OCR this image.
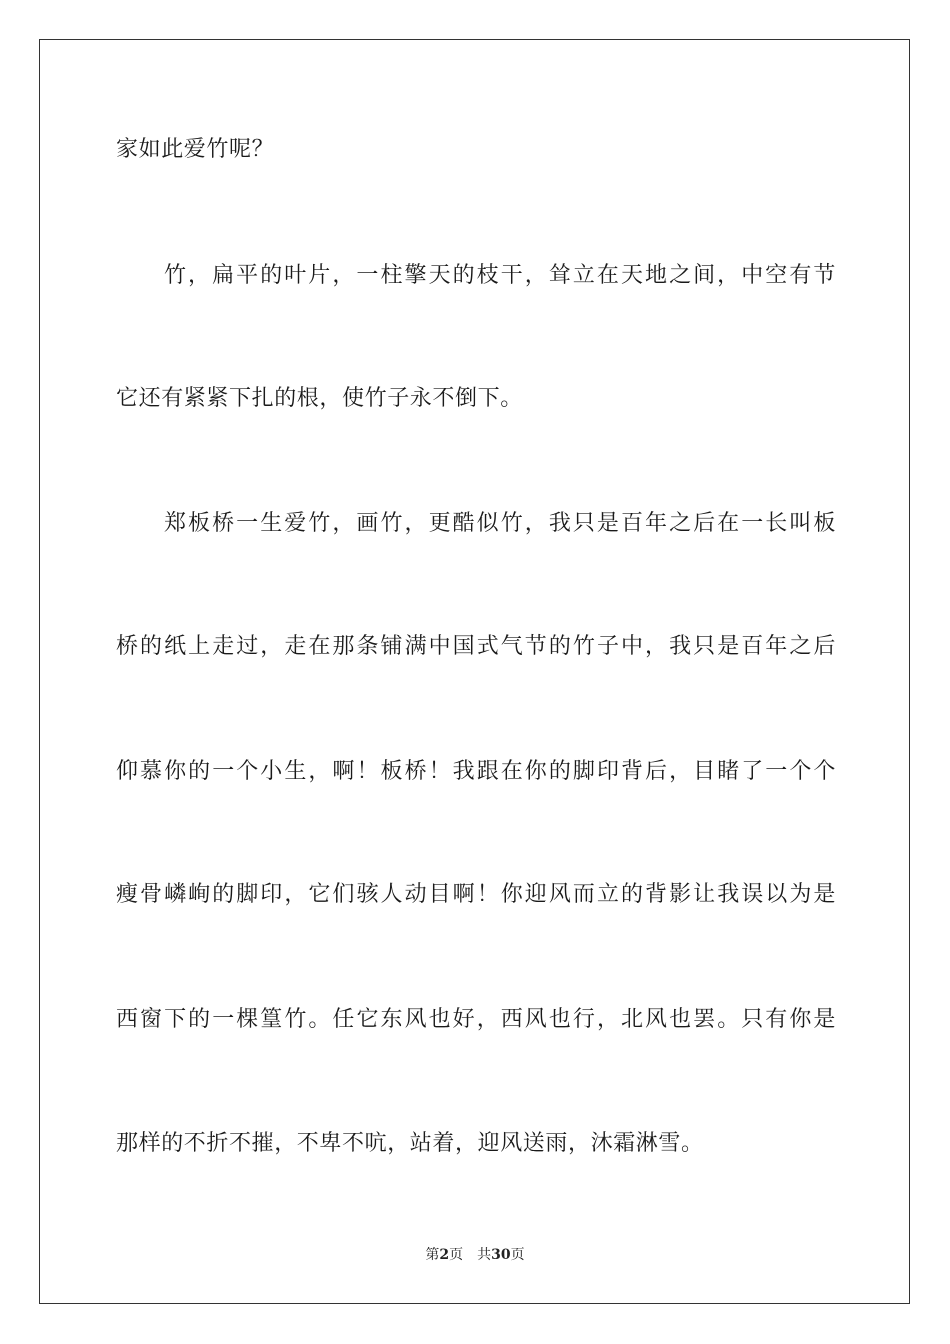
家如此爱竹呢？
竹，扁平的叶片，一柱擎天的枝干，耸立在天地之间，中空有节
它还有紧紧下扎的根，使竹子永不倒下。
郑板桥一生爱竹，画竹，更酷似竹，我只是百年之后在一长叫板
桥的纸上走过，走在那条铺满中国式气节的竹子中，我只是百年之后
仰慕你的一个小生，啊！板桥！我跟在你的脚印背后，目睹了一个个
瘦骨嶙峋的脚印，它们骇人动目啊！你迎风而立的背影让我误以为是
西窗下的一棵篁竹。任它东风也好，西风也行，北风也罢。只有你是
那样的不折不摧，不卑不吭，站着，迎风送雨，沐霜淋雪。
第2页 共30页
